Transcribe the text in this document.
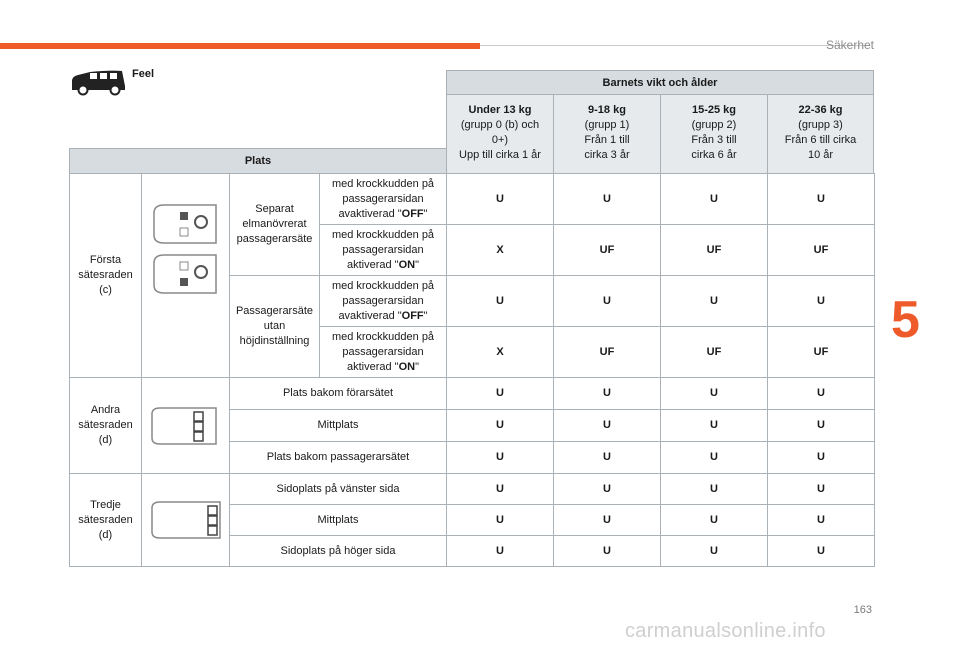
Säkerhet
5
163
carmanualsonline.info
Feel
Barnets vikt och ålder
Plats
Under 13 kg
(grupp 0 (b) och 0+)
Upp till cirka 1 år
9-18 kg
(grupp 1)
Från 1 till cirka 3 år
15-25 kg
(grupp 2)
Från 3 till cirka 6 år
22-36 kg
(grupp 3)
Från 6 till cirka 10 år
Första sätesraden (c)		Separat elmanövrerat passagerarsäte	med krockkudden på passagerarsidan avaktiverad "OFF"	U	U	U	U
			med krockkudden på passagerarsidan aktiverad "ON"	X	UF	UF	UF
		Passagerarsäte utan höjdinställning	med krockkudden på passagerarsidan avaktiverad "OFF"	U	U	U	U
			med krockkudden på passagerarsidan aktiverad "ON"	X	UF	UF	UF
Andra sätesraden (d)		Plats bakom förarsätet		U	U	U	U
		Mittplats		U	U	U	U
		Plats bakom passagerarsätet		U	U	U	U
Tredje sätesraden (d)		Sidoplats på vänster sida		U	U	U	U
		Mittplats		U	U	U	U
		Sidoplats på höger sida		U	U	U	U
